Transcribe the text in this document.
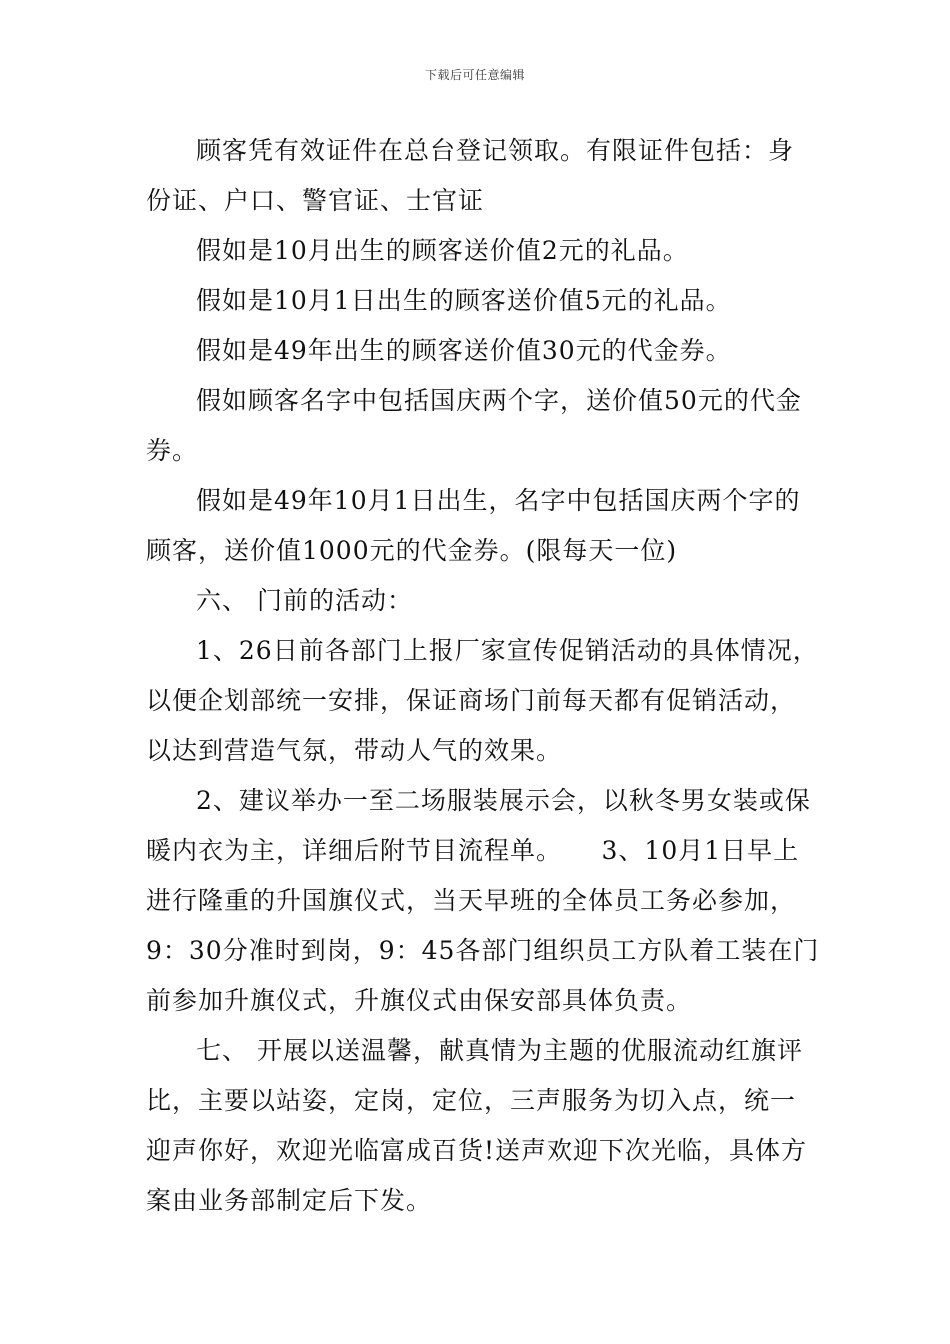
下载后可任意编辑

顾客凭有效证件在总台登记领取。有限证件包括：身

份证、户口、警官证、士官证

假如是10月出生的顾客送价值2元的礼品。

假如是10月1日出生的顾客送价值5元的礼品。

假如是49年出生的顾客送价值30元的代金券。

假如顾客名字中包括国庆两个字，送价值50元的代金

券。

假如是49年10月1日出生，名字中包括国庆两个字的

顾客，送价值1000元的代金券。(限每天一位)

六、 门前的活动：

1、26日前各部门上报厂家宣传促销活动的具体情况，

以便企划部统一安排，保证商场门前每天都有促销活动，
以达到营造气氛，带动人气的效果。

2、建议举办一至二场服装展示会，以秋冬男女装或保

暖内衣为主，详细后附节目流程单。　　3、10月1日早上
进行隆重的升国旗仪式，当天早班的全体员工务必参加，
9：30分准时到岗，9：45各部门组织员工方队着工装在门
前参加升旗仪式，升旗仪式由保安部具体负责。

七、 开展以送温馨，献真情为主题的优服流动红旗评

比，主要以站姿，定岗，定位，三声服务为切入点，统一
迎声你好，欢迎光临富成百货!送声欢迎下次光临，具体方
案由业务部制定后下发。
